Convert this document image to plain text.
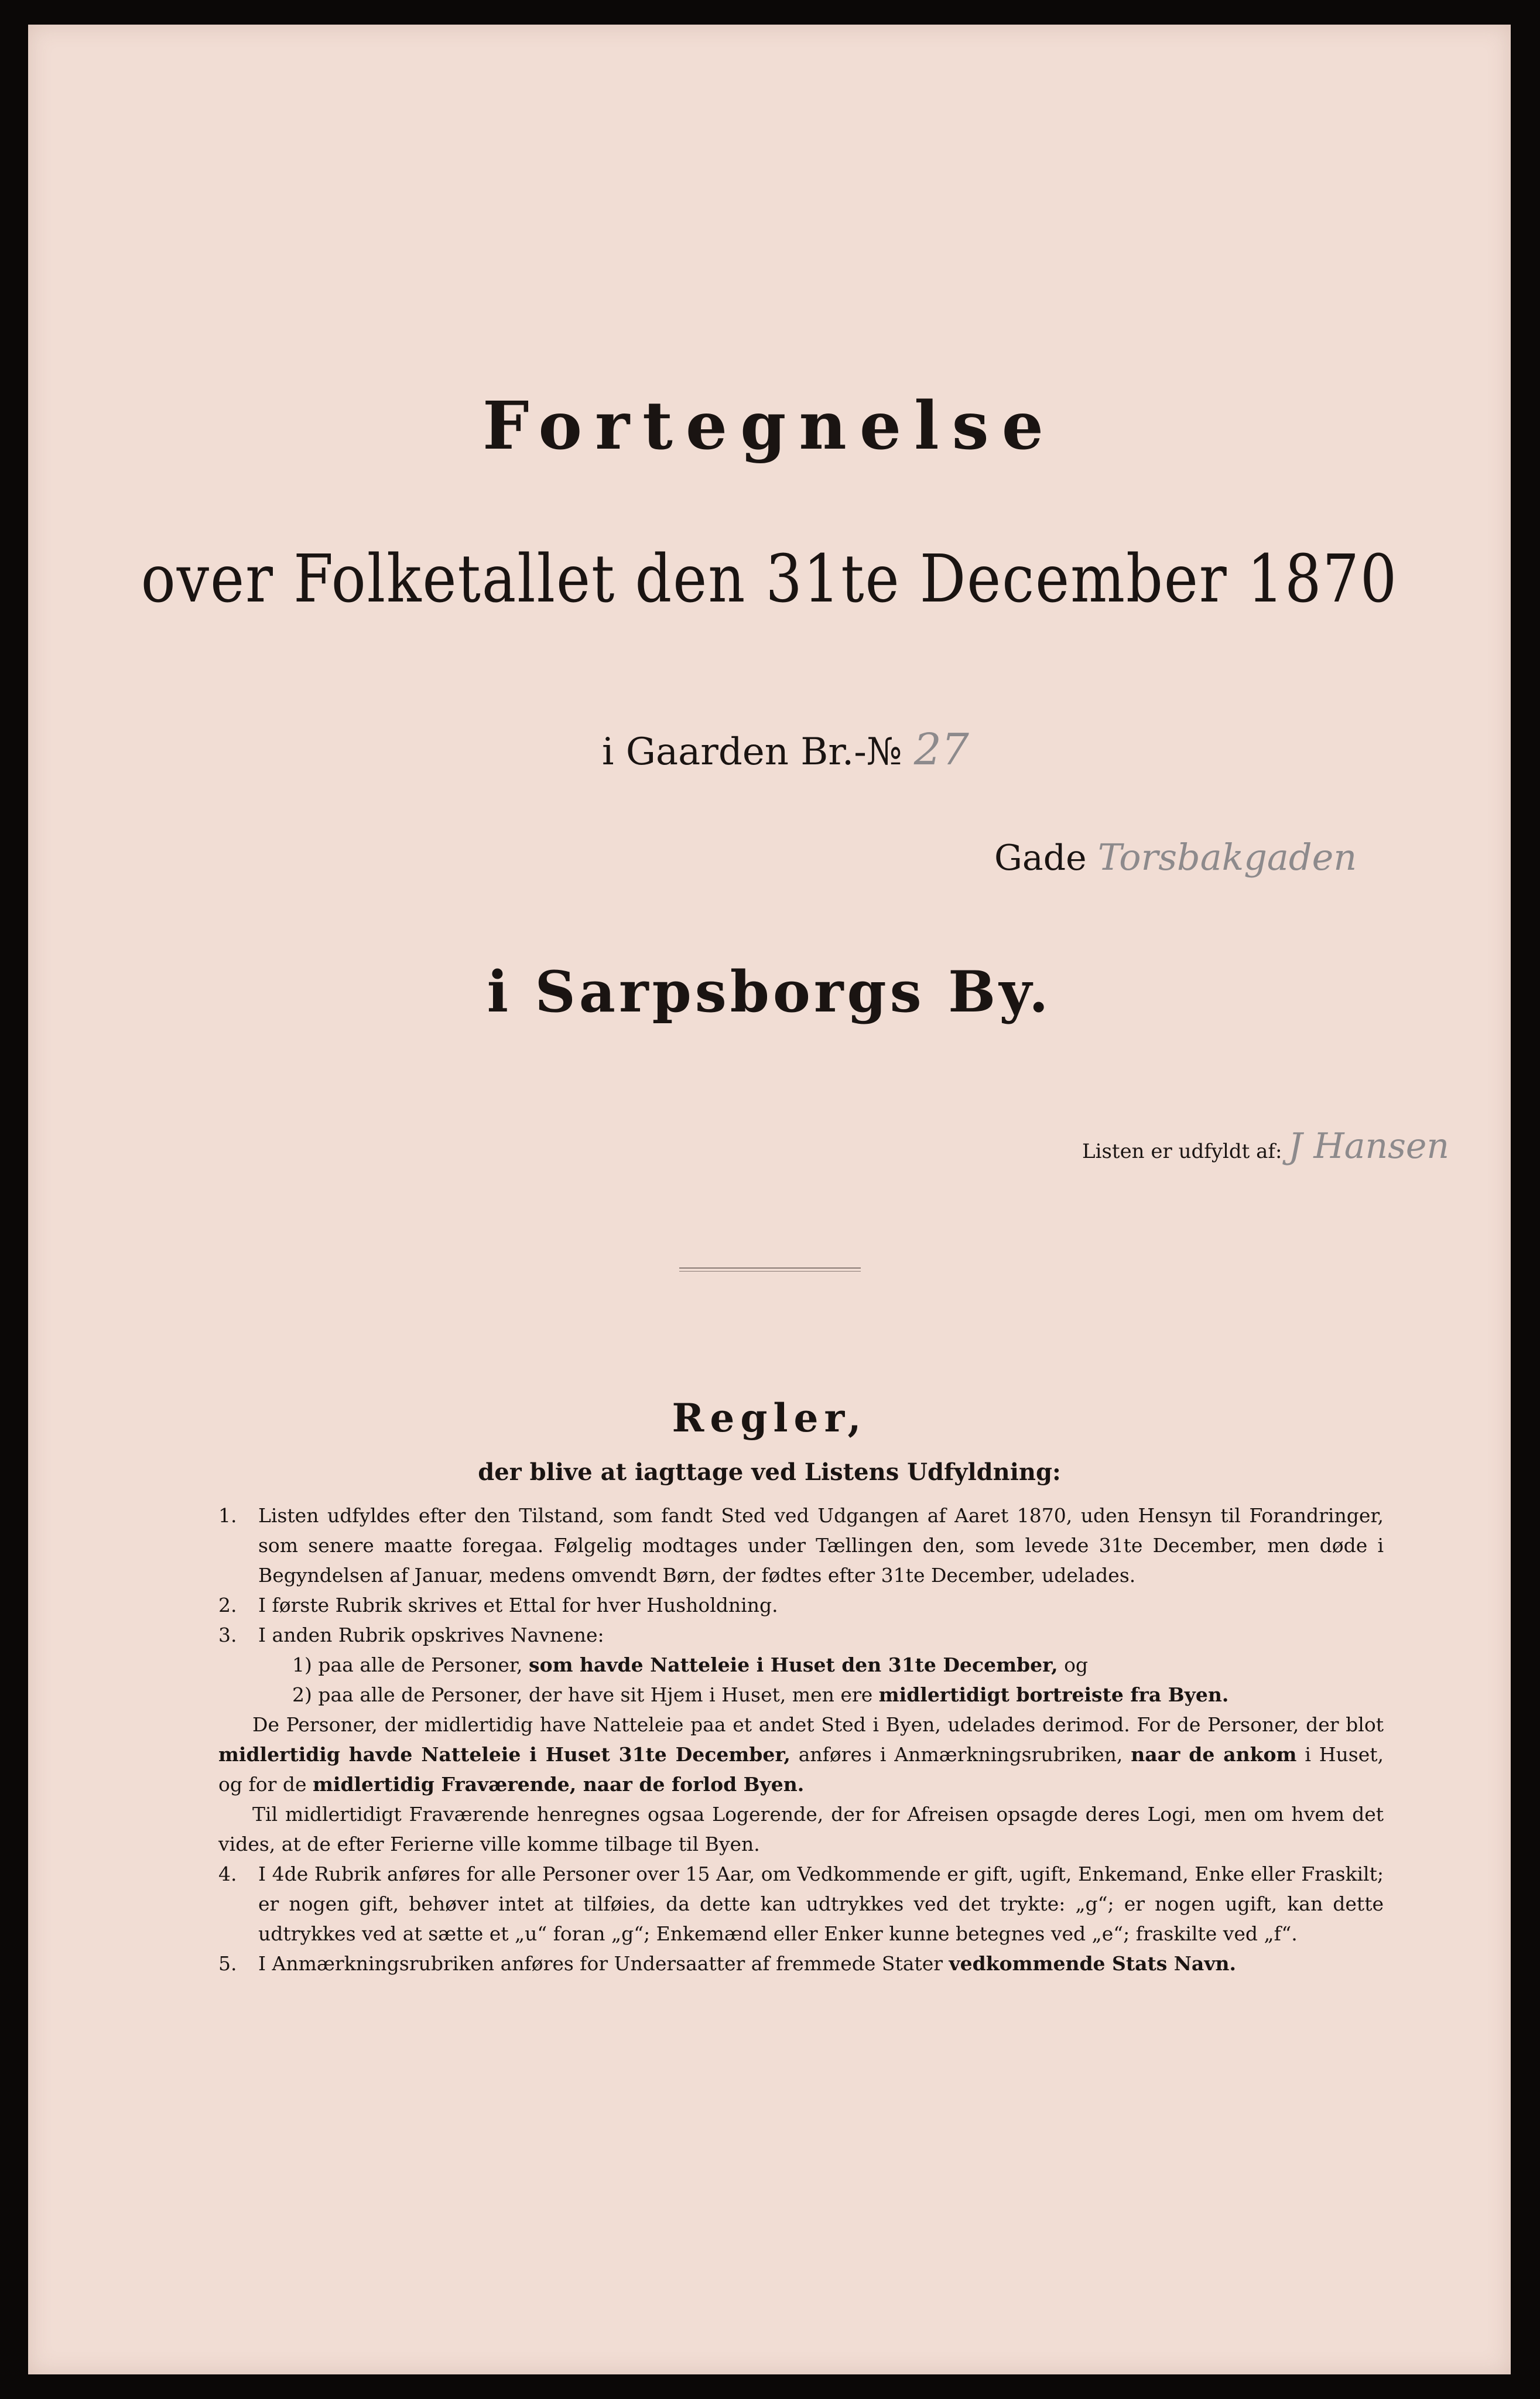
Fortegnelse
over Folketallet den 31te December 1870
i Gaarden Br.-№ 27
Gade Torsbakgaden
i Sarpsborgs By.
Listen er udfyldt af: J Hansen
Regler,
der blive at iagttage ved Listens Udfyldning:
1. Listen udfyldes efter den Tilstand, som fandt Sted ved Udgangen af Aaret 1870, uden Hensyn til Forandringer, som senere maatte foregaa. Følgelig modtages under Tællingen den, som levede 31te December, men døde i Begyndelsen af Januar, medens omvendt Børn, der fødtes efter 31te December, udelades.
2. I første Rubrik skrives et Ettal for hver Husholdning.
3. I anden Rubrik opskrives Navnene:
1) paa alle de Personer, som havde Natteleie i Huset den 31te December, og
2) paa alle de Personer, der have sit Hjem i Huset, men ere midlertidigt bortreiste fra Byen.
De Personer, der midlertidig have Natteleie paa et andet Sted i Byen, udelades derimod. For de Personer, der blot midlertidig havde Natteleie i Huset 31te December, anføres i Anmærkningsrubriken, naar de ankom i Huset, og for de midlertidig Fraværende, naar de forlod Byen.
Til midlertidigt Fraværende henregnes ogsaa Logerende, der for Afreisen opsagde deres Logi, men om hvem det vides, at de efter Ferierne ville komme tilbage til Byen.
4. I 4de Rubrik anføres for alle Personer over 15 Aar, om Vedkommende er gift, ugift, Enkemand, Enke eller Fraskilt; er nogen gift, behøver intet at tilføies, da dette kan udtrykkes ved det trykte: „g“; er nogen ugift, kan dette udtrykkes ved at sætte et „u“ foran „g“; Enkemænd eller Enker kunne betegnes ved „e“; fraskilte ved „f“.
5. I Anmærkningsrubriken anføres for Undersaatter af fremmede Stater vedkommende Stats Navn.
